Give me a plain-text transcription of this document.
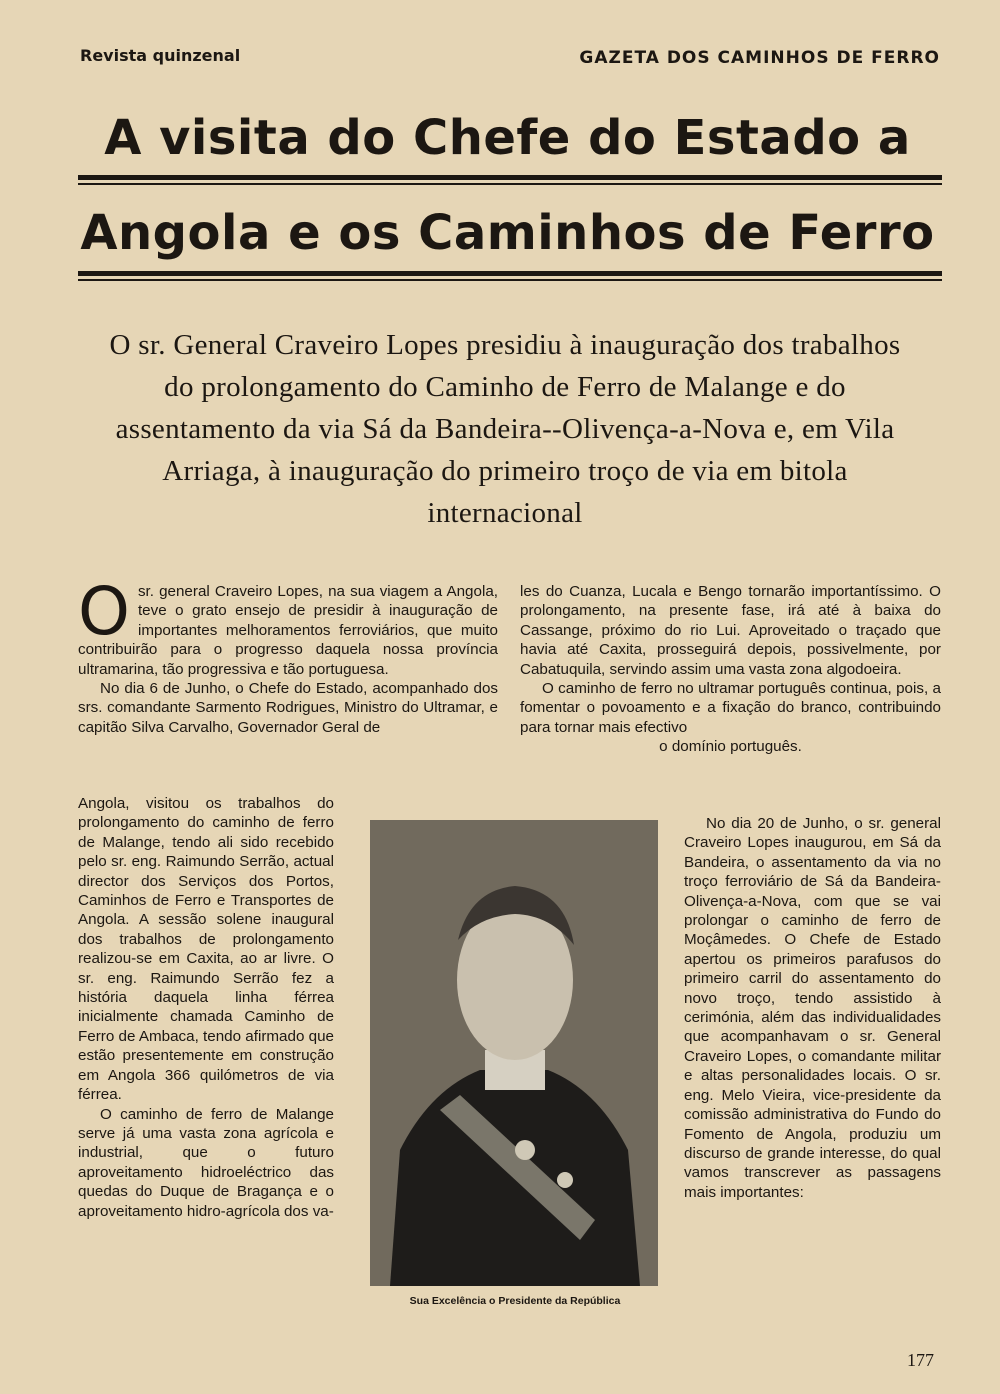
Revista quinzenal	GAZETA DOS CAMINHOS DE FERRO
A visita do Chefe do Estado a
Angola e os Caminhos de Ferro
O sr. General Craveiro Lopes presidiu à inauguração dos trabalhos do prolongamento do Caminho de Ferro de Malange e do assentamento da via Sá da Bandeira--Olivença-a-Nova e, em Vila Arriaga, à inauguração do primeiro troço de via em bitola internacional

Osr. general Craveiro Lopes, na sua viagem a Angola, teve o grato ensejo de presidir à inauguração de importantes melhoramentos ferroviários, que muito contribuirão para o progresso daquela nossa província ultramarina, tão progressiva e tão portuguesa.

No dia 6 de Junho, o Chefe do Estado, acompanhado dos srs. comandante Sarmento Rodrigues, Ministro do Ultramar, e capitão Silva Carvalho, Governador Geral de

Angola, visitou os trabalhos do prolongamento do caminho de ferro de Malange, tendo ali sido recebido pelo sr. eng. Raimundo Serrão, actual director dos Serviços dos Portos, Caminhos de Ferro e Transportes de Angola. A sessão solene inaugural dos trabalhos de prolongamento realizou-se em Caxita, ao ar livre. O sr. eng. Raimundo Serrão fez a história daquela linha férrea inicialmente chamada Caminho de Ferro de Ambaca, tendo afirmado que estão presentemente em construção em Angola 366 quilómetros de via férrea.

O caminho de ferro de Malange serve já uma vasta zona agrícola e industrial, que o futuro aproveitamento hidroeléctrico das quedas do Duque de Bragança e o aproveitamento hidro-agrícola dos va-

les do Cuanza, Lucala e Bengo tornarão importantíssimo. O prolongamento, na presente fase, irá até à baixa do Cassange, próximo do rio Lui. Aproveitado o traçado que havia até Caxita, prosseguirá depois, possivelmente, por Cabatuquila, servindo assim uma vasta zona algodoeira.

O caminho de ferro no ultramar português continua, pois, a fomentar o povoamento e a fixação do branco, contribuindo para tornar mais efectivo

o domínio português.

No dia 20 de Junho, o sr. general Craveiro Lopes inaugurou, em Sá da Bandeira, o assentamento da via no troço ferroviário de Sá da Bandeira-Olivença-a-Nova, com que se vai prolongar o caminho de ferro de Moçâmedes. O Chefe de Estado apertou os primeiros parafusos do primeiro carril do assentamento do novo troço, tendo assistido à cerimónia, além das individualidades que acompanhavam o sr. General Craveiro Lopes, o comandante militar e altas personalidades locais. O sr. eng. Melo Vieira, vice-presidente da comissão administrativa do Fundo do Fomento de Angola, produziu um discurso de grande interesse, do qual vamos transcrever as passagens mais importantes:

Sua Excelência o Presidente da República
177
